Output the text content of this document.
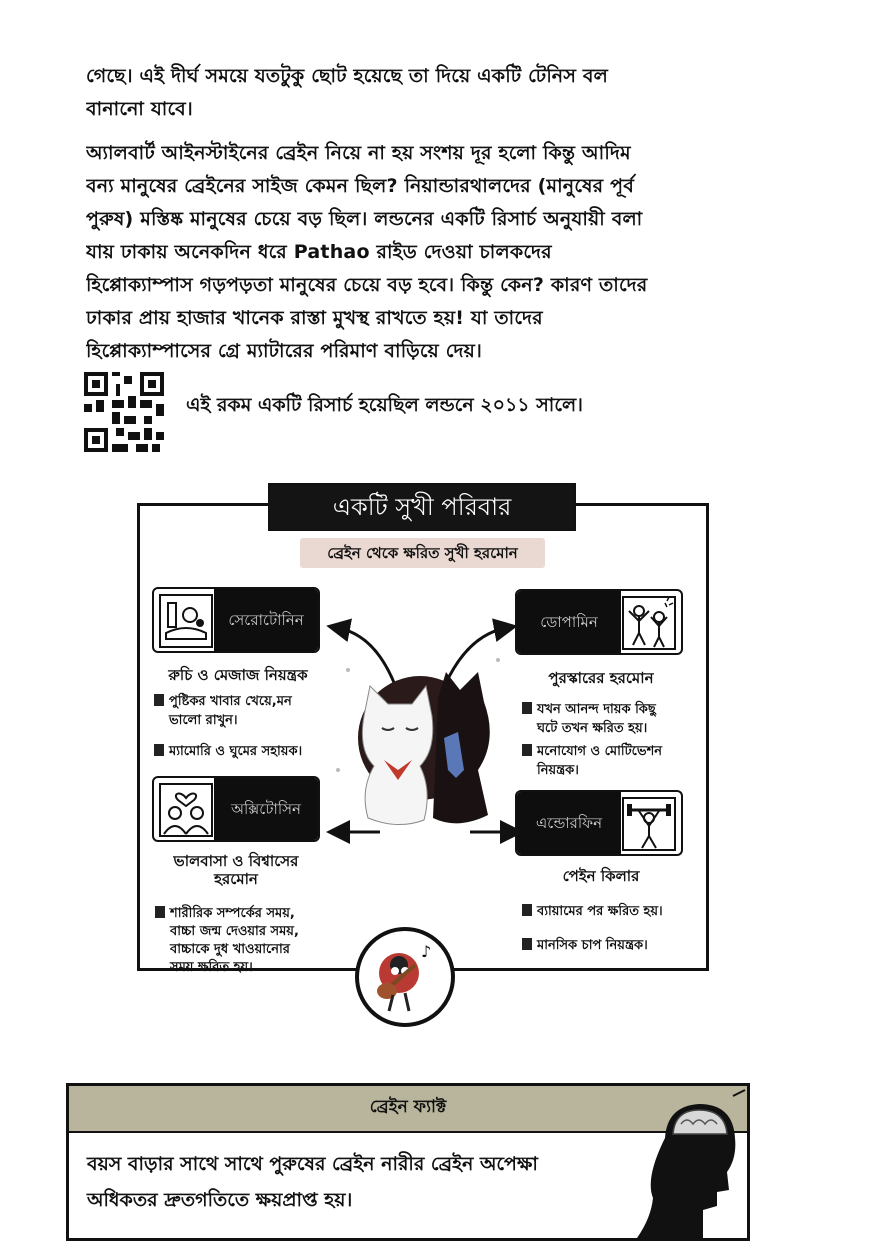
গেছে। এই দীর্ঘ সময়ে যতটুকু ছোট হয়েছে তা দিয়ে একটি টেনিস বল
বানানো যাবে।
অ্যালবার্ট আইনস্টাইনের ব্রেইন নিয়ে না হয় সংশয় দূর হলো কিন্তু আদিম
বন্য মানুষের ব্রেইনের সাইজ কেমন ছিল? নিয়ান্ডারথালদের (মানুষের পূর্ব
পুরুষ) মস্তিষ্ক মানুষের চেয়ে বড় ছিল। লন্ডনের একটি রিসার্চ অনুযায়ী বলা
যায় ঢাকায় অনেকদিন ধরে Pathao রাইড দেওয়া চালকদের
হিপ্পোক্যাম্পাস গড়পড়তা মানুষের চেয়ে বড় হবে। কিন্তু কেন? কারণ তাদের
ঢাকার প্রায় হাজার খানেক রাস্তা মুখস্থ রাখতে হয়! যা তাদের
হিপ্পোক্যাম্পাসের গ্রে ম্যাটারের পরিমাণ বাড়িয়ে দেয়।
এই রকম একটি রিসার্চ হয়েছিল লন্ডনে ২০১১ সালে।
একটি সুখী পরিবার
ব্রেইন থেকে ক্ষরিত সুখী হরমোন
সেরোটোনিন
রুচি ও মেজাজ নিয়ন্ত্রক
পুষ্টিকর খাবার খেয়ে,মন
ভালো রাখুন।
ম্যামোরি ও ঘুমের সহায়ক।
ডোপামিন
পুরস্কারের হরমোন
যখন আনন্দ দায়ক কিছু
ঘটে তখন ক্ষরিত হয়।
মনোযোগ ও মোটিভেশন
নিয়ন্ত্রক।
অক্সিটোসিন
ভালবাসা ও বিশ্বাসের
হরমোন
শারীরিক সম্পর্কের সময়,
বাচ্চা জন্ম দেওয়ার সময়,
বাচ্চাকে দুধ খাওয়ানোর
সময় ক্ষরিত হয়।
এন্ডোরফিন
পেইন কিলার
ব্যায়ামের পর ক্ষরিত হয়।
মানসিক চাপ নিয়ন্ত্রক।
♪
ব্রেইন ফ্যাক্ট
বয়স বাড়ার সাথে সাথে পুরুষের ব্রেইন নারীর ব্রেইন অপেক্ষা
অধিকতর দ্রুতগতিতে ক্ষয়প্রাপ্ত হয়।
